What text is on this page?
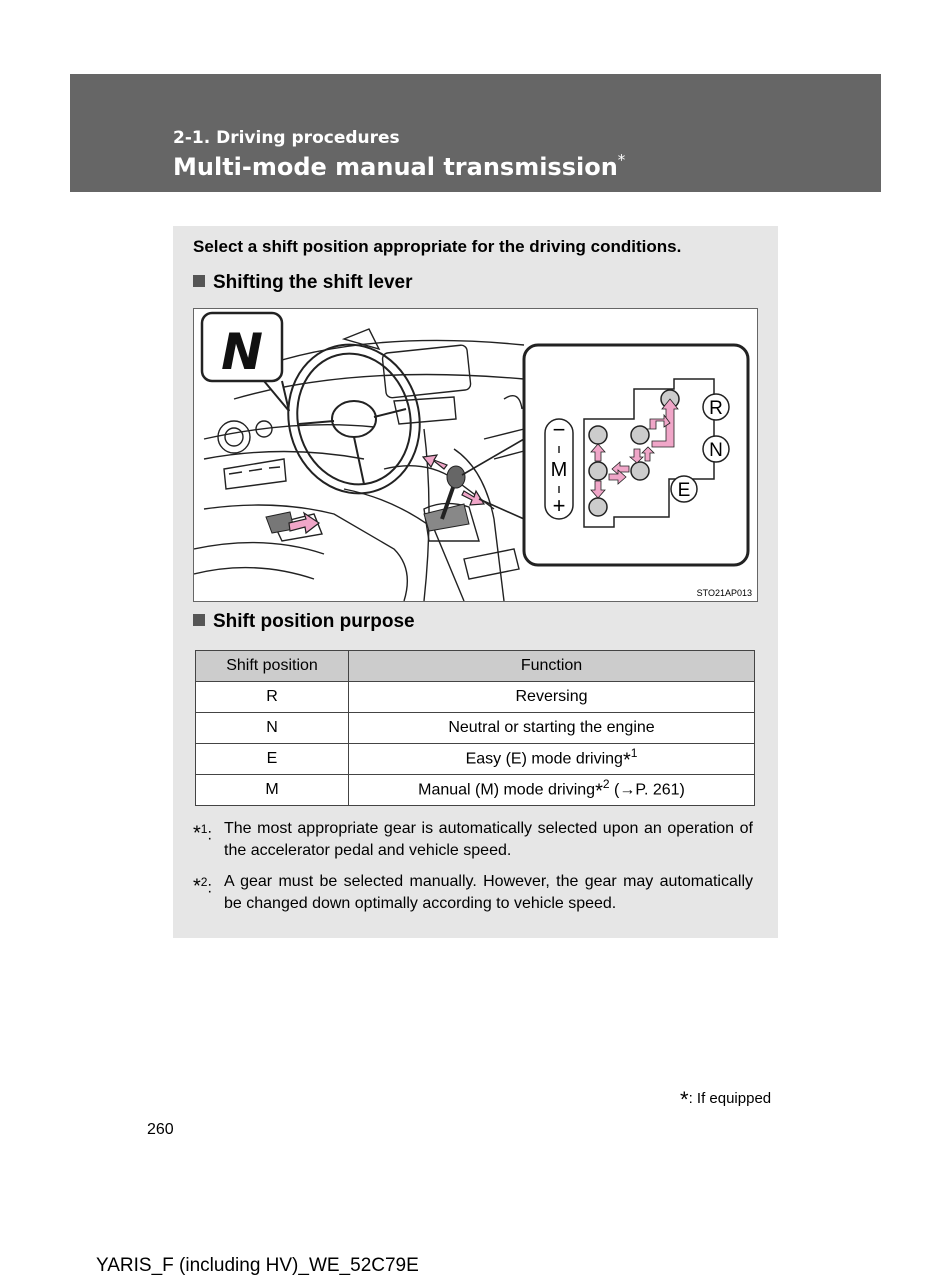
2-1. Driving procedures

Multi-mode manual transmission*

Select a shift position appropriate for the driving conditions.

Shifting the shift lever

N
−
M
+
R
N
E
STO21AP013

Shift position purpose

Shift position	Function
R	Reversing
N	Neutral or starting the engine
E	Easy (E) mode driving*$^1$
M	Manual (M) mode driving*$^2$ (→P. 261)
*$^1$: The most appropriate gear is automatically selected upon an operation of the accelerator pedal and vehicle speed.
*$^2$: A gear must be selected manually. However, the gear may automatically be changed down optimally according to vehicle speed.
*: If equipped
260
YARIS_F (including HV)_WE_52C79E
